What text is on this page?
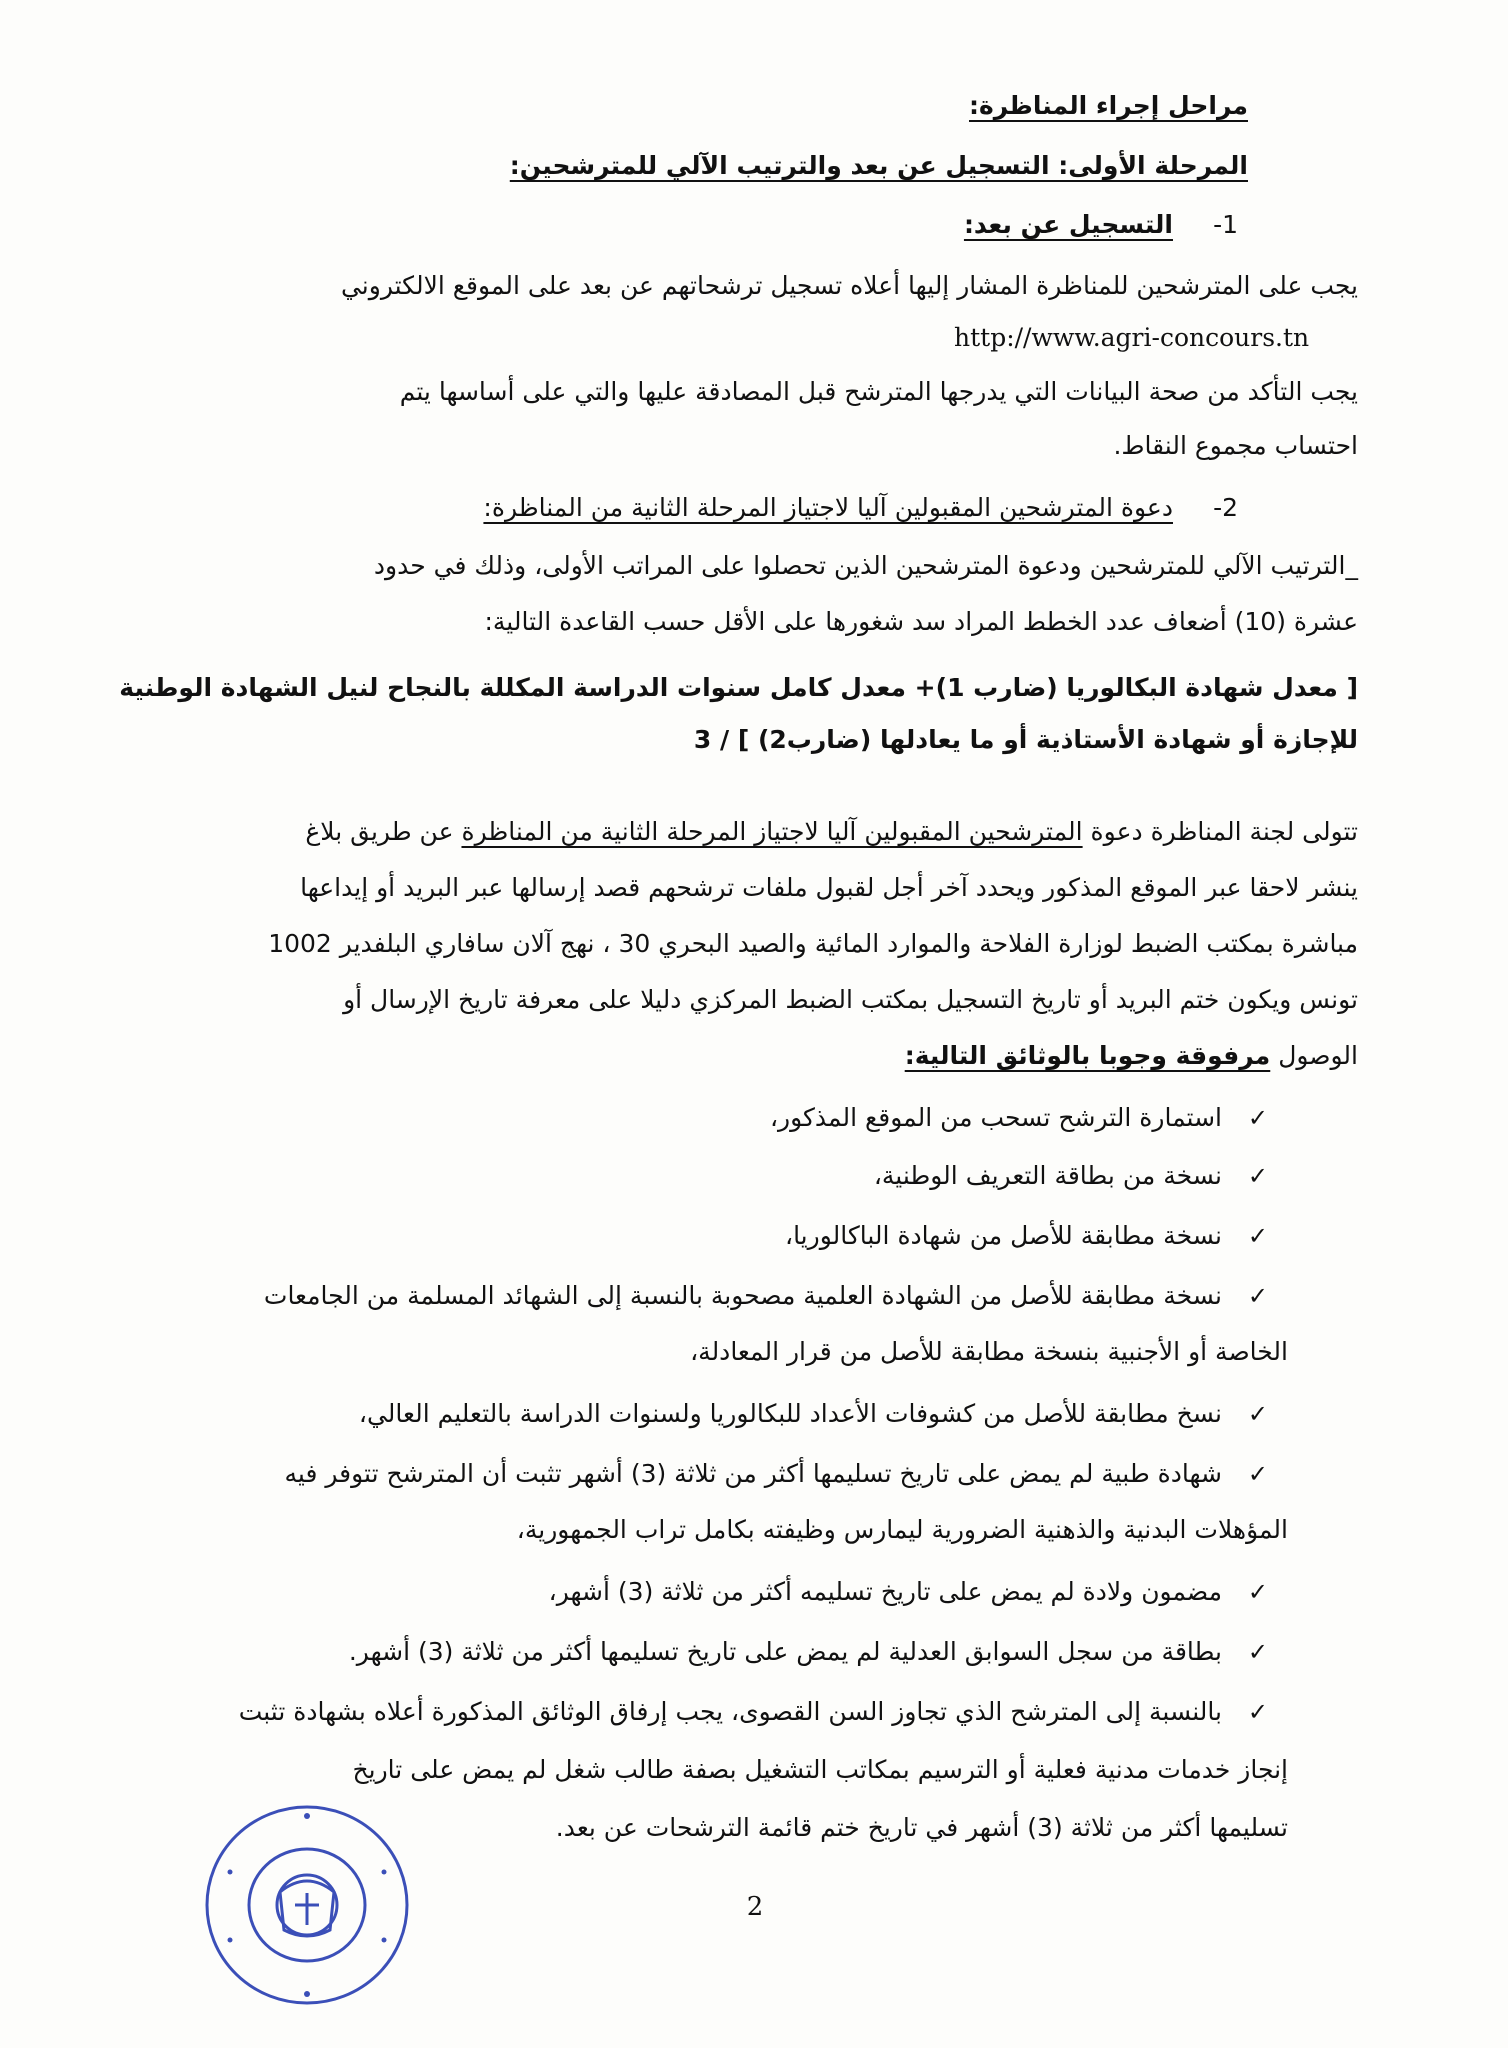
مراحل إجراء المناظرة:
المرحلة الأولى: التسجيل عن بعد والترتيب الآلي للمترشحين:
1-
التسجيل عن بعد:
يجب على المترشحين للمناظرة المشار إليها أعلاه تسجيل ترشحاتهم عن بعد على الموقع الالكتروني
http://www.agri-concours.tn
يجب التأكد من صحة البيانات التي يدرجها المترشح قبل المصادقة عليها والتي على أساسها يتم
احتساب مجموع النقاط.
2-
دعوة المترشحين المقبولين آليا لاجتياز المرحلة الثانية من المناظرة:
_الترتيب الآلي للمترشحين ودعوة المترشحين الذين تحصلوا على المراتب الأولى، وذلك في حدود
عشرة (10) أضعاف عدد الخطط المراد سد شغورها على الأقل حسب القاعدة التالية:
[ معدل شهادة البكالوريا (ضارب 1)+ معدل كامل سنوات الدراسة المكللة بالنجاح لنيل الشهادة الوطنية
للإجازة أو شهادة الأستاذية أو ما يعادلها (ضارب2) ] / 3
تتولى لجنة المناظرة دعوة المترشحين المقبولين آليا لاجتياز المرحلة الثانية من المناظرة عن طريق بلاغ
ينشر لاحقا عبر الموقع المذكور ويحدد آخر أجل لقبول ملفات ترشحهم قصد إرسالها عبر البريد أو إيداعها
مباشرة بمكتب الضبط لوزارة الفلاحة والموارد المائية والصيد البحري 30 ، نهج آلان سافاري البلفدير 1002
تونس ويكون ختم البريد أو تاريخ التسجيل بمكتب الضبط المركزي دليلا على معرفة تاريخ الإرسال أو
الوصول مرفوقة وجوبا بالوثائق التالية:
✓استمارة الترشح تسحب من الموقع المذكور،
✓نسخة من بطاقة التعريف الوطنية،
✓نسخة مطابقة للأصل من شهادة الباكالوريا،
✓نسخة مطابقة للأصل من الشهادة العلمية مصحوبة بالنسبة إلى الشهائد المسلمة من الجامعات
الخاصة أو الأجنبية بنسخة مطابقة للأصل من قرار المعادلة،
✓نسخ مطابقة للأصل من كشوفات الأعداد للبكالوريا ولسنوات الدراسة بالتعليم العالي،
✓شهادة طبية لم يمض على تاريخ تسليمها أكثر من ثلاثة (3) أشهر تثبت أن المترشح تتوفر فيه
المؤهلات البدنية والذهنية الضرورية ليمارس وظيفته بكامل تراب الجمهورية،
✓مضمون ولادة لم يمض على تاريخ تسليمه أكثر من ثلاثة (3) أشهر،
✓بطاقة من سجل السوابق العدلية لم يمض على تاريخ تسليمها أكثر من ثلاثة (3) أشهر.
✓بالنسبة إلى المترشح الذي تجاوز السن القصوى، يجب إرفاق الوثائق المذكورة أعلاه بشهادة تثبت
إنجاز خدمات مدنية فعلية أو الترسيم بمكاتب التشغيل بصفة طالب شغل لم يمض على تاريخ
تسليمها أكثر من ثلاثة (3) أشهر في تاريخ ختم قائمة الترشحات عن بعد.
2
